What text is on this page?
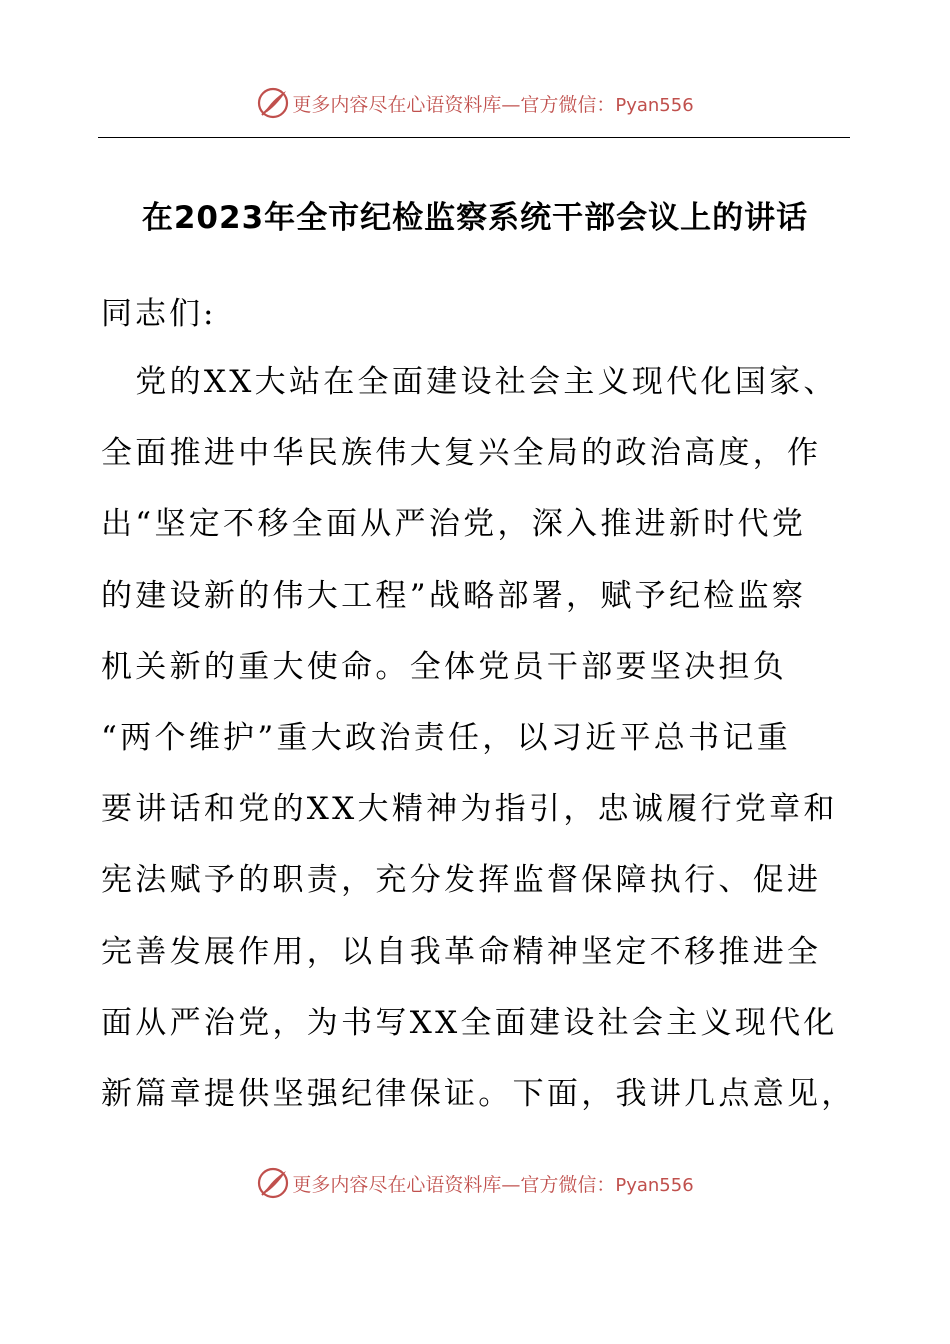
更多内容尽在心语资料库—官方微信：Pyan556
在2023年全市纪检监察系统干部会议上的讲话
同志们:
　党的XX大站在全面建设社会主义现代化国家、
全面推进中华民族伟大复兴全局的政治高度，作
出“坚定不移全面从严治党，深入推进新时代党
的建设新的伟大工程”战略部署，赋予纪检监察
机关新的重大使命。全体党员干部要坚决担负
“两个维护”重大政治责任，以习近平总书记重
要讲话和党的XX大精神为指引，忠诚履行党章和
宪法赋予的职责，充分发挥监督保障执行、促进
完善发展作用，以自我革命精神坚定不移推进全
面从严治党，为书写XX全面建设社会主义现代化
新篇章提供坚强纪律保证。下面，我讲几点意见，
更多内容尽在心语资料库—官方微信：Pyan556
